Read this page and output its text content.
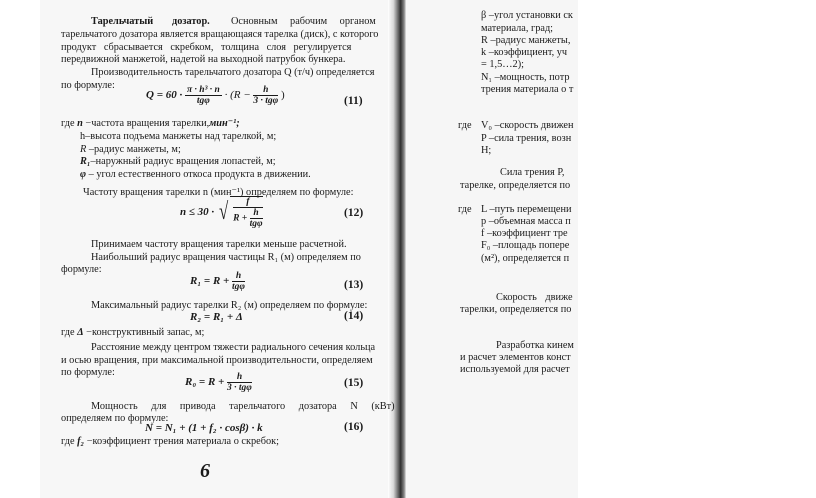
Тарельчатый дозатор. Основным рабочим органом
тарельчатого дозатора является вращающаяся тарелка (диск), с которого
продукт сбрасывается скребком, толщина слоя регулируется
передвижной манжетой, надетой на выходной патрубок бункера.
Производительность тарельчатого дозатора Q (т/ч) определяется
по формуле:
$Q = 60 \cdot \frac{\text{π · h³ · n}}{\text{tgφ}} \cdot (R - \frac{h}{\text{3 · tgφ}}$ )	(11)
где n −частота вращения тарелки,мин⁻¹;
h–высота подъема манжеты над тарелкой, м;
R –радиус манжеты, м;
R₁–наружный радиус вращения лопастей, м;
φ – угол естественного откоса продукта в движении.
Частоту вращения тарелки n (мин⁻¹) определяем по формуле:
n ≤ 30 · √ $\frac{f}{R + \frac{h}{\text{tgφ}}}$	(12)
Принимаем частоту вращения тарелки меньше расчетной.
Наибольший радиус вращения частицы R₁ (м) определяем по
формуле:
$R_1 = R + \frac{h}{\text{tgφ}}$	(13)
Максимальный радиус тарелки R₂ (м) определяем по формуле:
R₂ = R₁ + Δ	(14)
где Δ −конструктивный запас, м;
Расстояние между центром тяжести радиального сечения кольца
и осью вращения, при максимальной производительности, определяем
по формуле:
$R_0 = R + \frac{h}{\text{3 · tgφ}}$	(15)
Мощность для привода тарельчатого дозатора N (кВт)
определяем по формуле:
N = N₁ + (1 + f₂ · cosβ) · k	(16)
где f₂ −коэффициент трения материала о скребок;
6
β –угол установки ск
материала, град;
R –радиус манжеты,
k –коэффициент, уч
= 1,5…2);
N₁ –мощность, потр
трения материала о т
где V₀ –скорость движен
P –сила трения, возн
Н;
Сила трения P,
тарелке, определяется по
где L –путь перемещени
p –объемная масса п
f –коэффициент тре
F₀ –площадь попере
(м²), определяется п
Скорость движе
тарелки, определяется по
Разработка кинем
и расчет элементов конст
используемой для расчет
